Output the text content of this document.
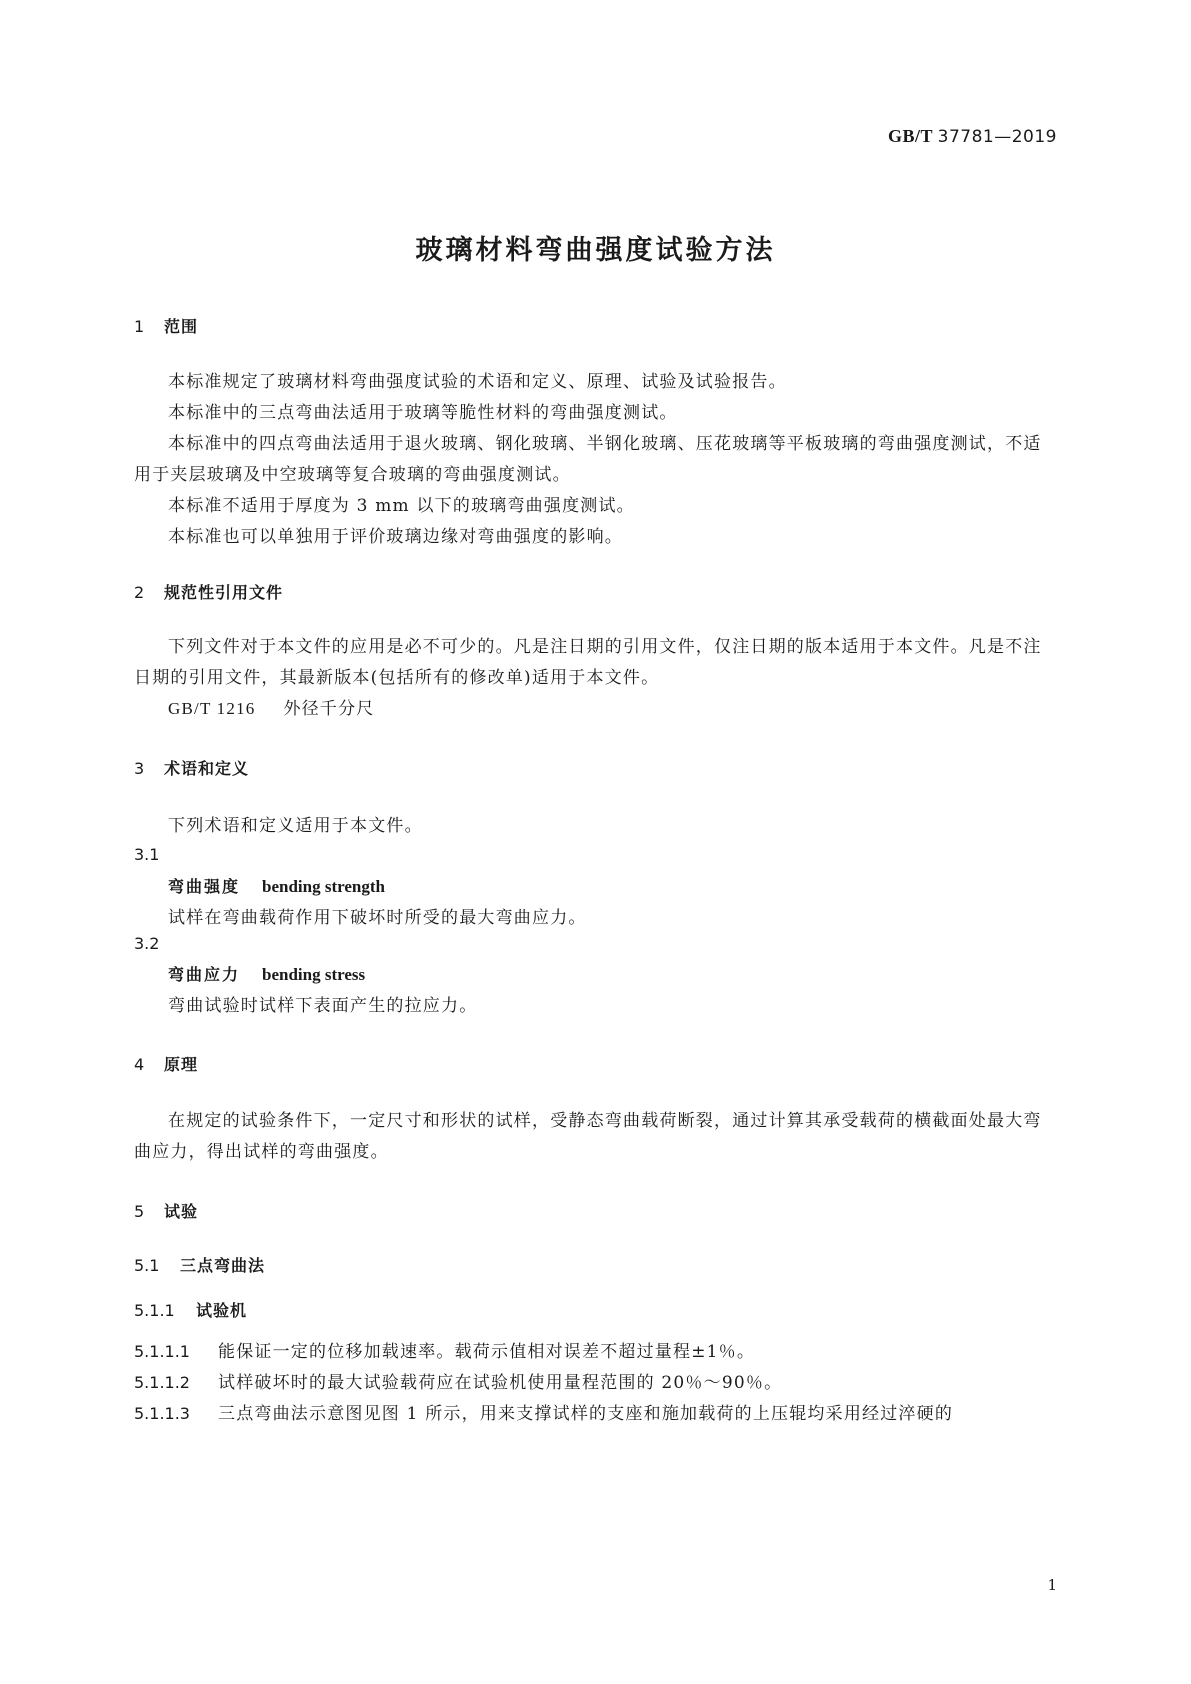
GB/T 37781—2019
玻璃材料弯曲强度试验方法
1 范围
本标准规定了玻璃材料弯曲强度试验的术语和定义、原理、试验及试验报告。
本标准中的三点弯曲法适用于玻璃等脆性材料的弯曲强度测试。
本标准中的四点弯曲法适用于退火玻璃、钢化玻璃、半钢化玻璃、压花玻璃等平板玻璃的弯曲强度测试，不适用于夹层玻璃及中空玻璃等复合玻璃的弯曲强度测试。
本标准不适用于厚度为 3 mm 以下的玻璃弯曲强度测试。
本标准也可以单独用于评价玻璃边缘对弯曲强度的影响。
2 规范性引用文件
下列文件对于本文件的应用是必不可少的。凡是注日期的引用文件，仅注日期的版本适用于本文件。凡是不注日期的引用文件，其最新版本(包括所有的修改单)适用于本文件。
GB/T 1216 外径千分尺
3 术语和定义
下列术语和定义适用于本文件。
3.1
弯曲强度 bending strength
试样在弯曲载荷作用下破坏时所受的最大弯曲应力。
3.2
弯曲应力 bending stress
弯曲试验时试样下表面产生的拉应力。
4 原理
在规定的试验条件下，一定尺寸和形状的试样，受静态弯曲载荷断裂，通过计算其承受载荷的横截面处最大弯曲应力，得出试样的弯曲强度。
5 试验
5.1 三点弯曲法
5.1.1 试验机
5.1.1.1 能保证一定的位移加载速率。载荷示值相对误差不超过量程±1％。
5.1.1.2 试样破坏时的最大试验载荷应在试验机使用量程范围的 20％～90％。
5.1.1.3 三点弯曲法示意图见图 1 所示，用来支撑试样的支座和施加载荷的上压辊均采用经过淬硬的
1
